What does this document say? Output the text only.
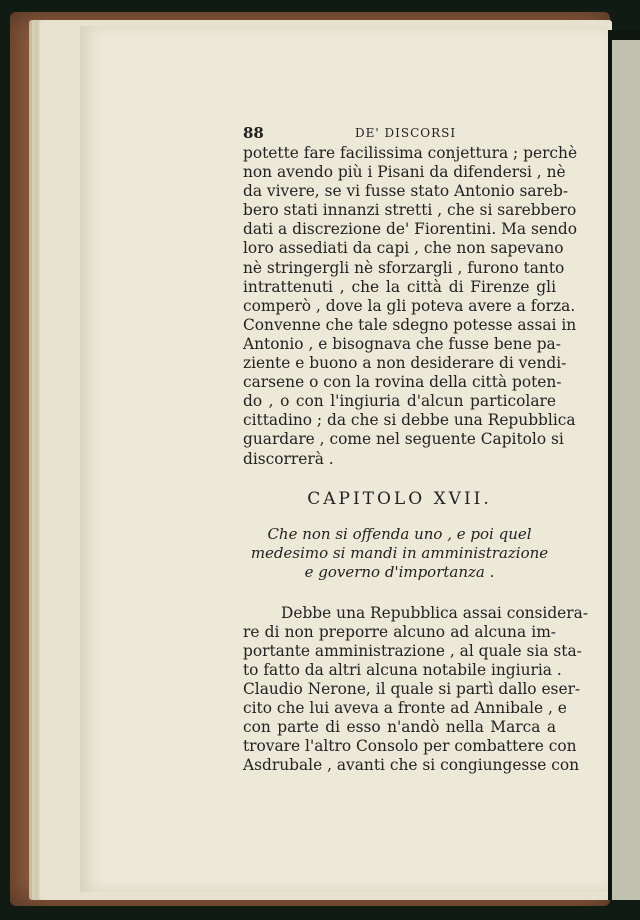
88	DE' DISCORSI
potette fare facilissima conjettura ; perchè
non avendo più i Pisani da difendersi , nè
da vivere, se vi fusse stato Antonio sareb-
bero stati innanzi stretti , che si sarebbero
dati a discrezione de' Fiorentini. Ma sendo
loro assediati da capi , che non sapevano
nè stringergli nè sforzargli , furono tanto
intrattenuti , che la città di Firenze gli
comperò , dove la gli poteva avere a forza.
Convenne che tale sdegno potesse assai in
Antonio , e bisognava che fusse bene pa-
ziente e buono a non desiderare di vendi-
carsene o con la rovina della città poten-
do , o con l'ingiuria d'alcun particolare
cittadino ; da che si debbe una Repubblica
guardare , come nel seguente Capitolo si
discorrerà .
CAPITOLO XVII.
Che non si offenda uno , e poi quel
medesimo si mandi in amministrazione
e governo d'importanza .
Debbe una Repubblica assai considera-
re di non preporre alcuno ad alcuna im-
portante amministrazione , al quale sia sta-
to fatto da altri alcuna notabile ingiuria .
Claudio Nerone, il quale si partì dallo eser-
cito che lui aveva a fronte ad Annibale , e
con parte di esso n'andò nella Marca a
trovare l'altro Consolo per combattere con
Asdrubale , avanti che si congiungesse con
